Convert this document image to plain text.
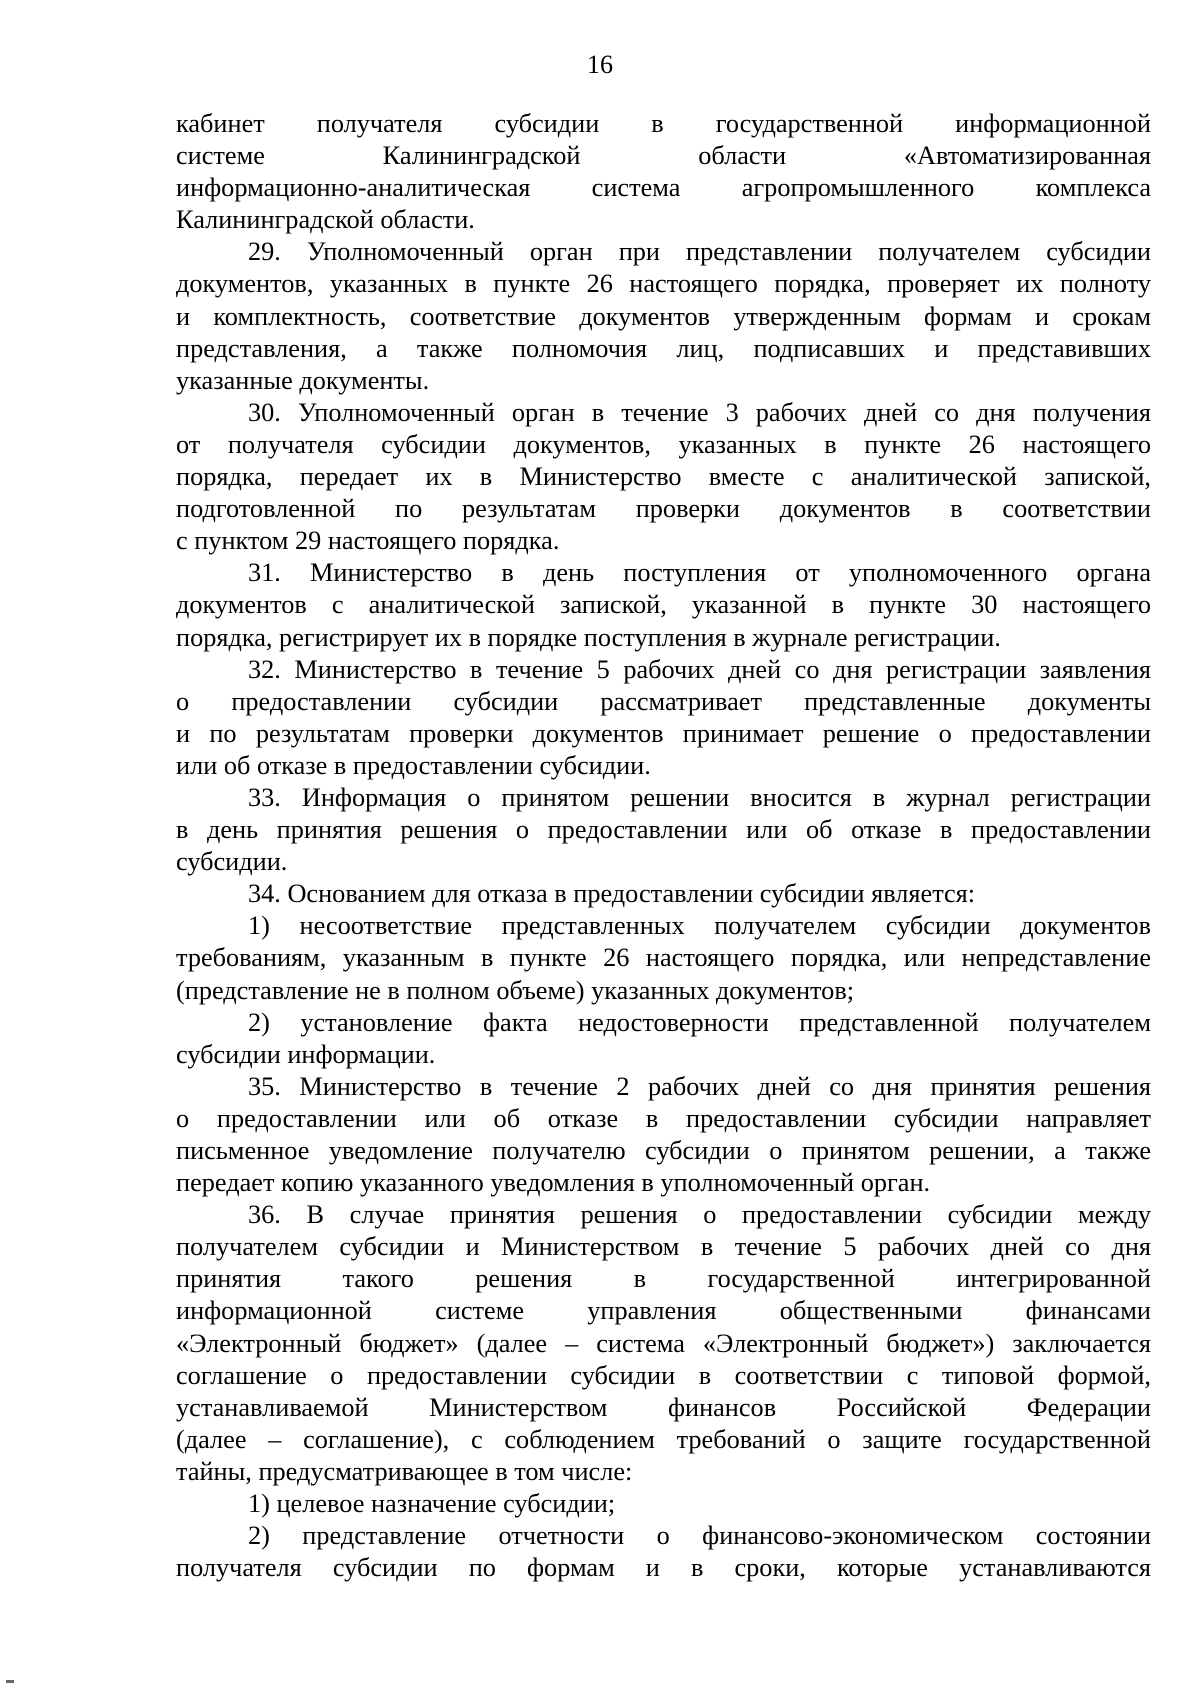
16

кабинет получателя субсидии в государственной информационной
системе Калининградской области «Автоматизированная
информационно-аналитическая система агропромышленного комплекса
Калининградской области.

29. Уполномоченный орган при представлении получателем субсидии
документов, указанных в пункте 26 настоящего порядка, проверяет их полноту
и комплектность, соответствие документов утвержденным формам и срокам
представления, а также полномочия лиц, подписавших и представивших
указанные документы.

30. Уполномоченный орган в течение 3 рабочих дней со дня получения
от получателя субсидии документов, указанных в пункте 26 настоящего
порядка, передает их в Министерство вместе с аналитической запиской,
подготовленной по результатам проверки документов в соответствии
с пунктом 29 настоящего порядка.

31. Министерство в день поступления от уполномоченного органа
документов с аналитической запиской, указанной в пункте 30 настоящего
порядка, регистрирует их в порядке поступления в журнале регистрации.

32. Министерство в течение 5 рабочих дней со дня регистрации заявления
о предоставлении субсидии рассматривает представленные документы
и по результатам проверки документов принимает решение о предоставлении
или об отказе в предоставлении субсидии.

33. Информация о принятом решении вносится в журнал регистрации
в день принятия решения о предоставлении или об отказе в предоставлении
субсидии.

34. Основанием для отказа в предоставлении субсидии является:

1) несоответствие представленных получателем субсидии документов
требованиям, указанным в пункте 26 настоящего порядка, или непредставление
(представление не в полном объеме) указанных документов;

2) установление факта недостоверности представленной получателем
субсидии информации.

35. Министерство в течение 2 рабочих дней со дня принятия решения
о предоставлении или об отказе в предоставлении субсидии направляет
письменное уведомление получателю субсидии о принятом решении, а также
передает копию указанного уведомления в уполномоченный орган.

36. В случае принятия решения о предоставлении субсидии между
получателем субсидии и Министерством в течение 5 рабочих дней со дня
принятия такого решения в государственной интегрированной
информационной системе управления общественными финансами
«Электронный бюджет» (далее – система «Электронный бюджет») заключается
соглашение о предоставлении субсидии в соответствии с типовой формой,
устанавливаемой Министерством финансов Российской Федерации
(далее – соглашение), с соблюдением требований о защите государственной
тайны, предусматривающее в том числе:

1) целевое назначение субсидии;

2) представление отчетности о финансово-экономическом состоянии
получателя субсидии по формам и в сроки, которые устанавливаются
